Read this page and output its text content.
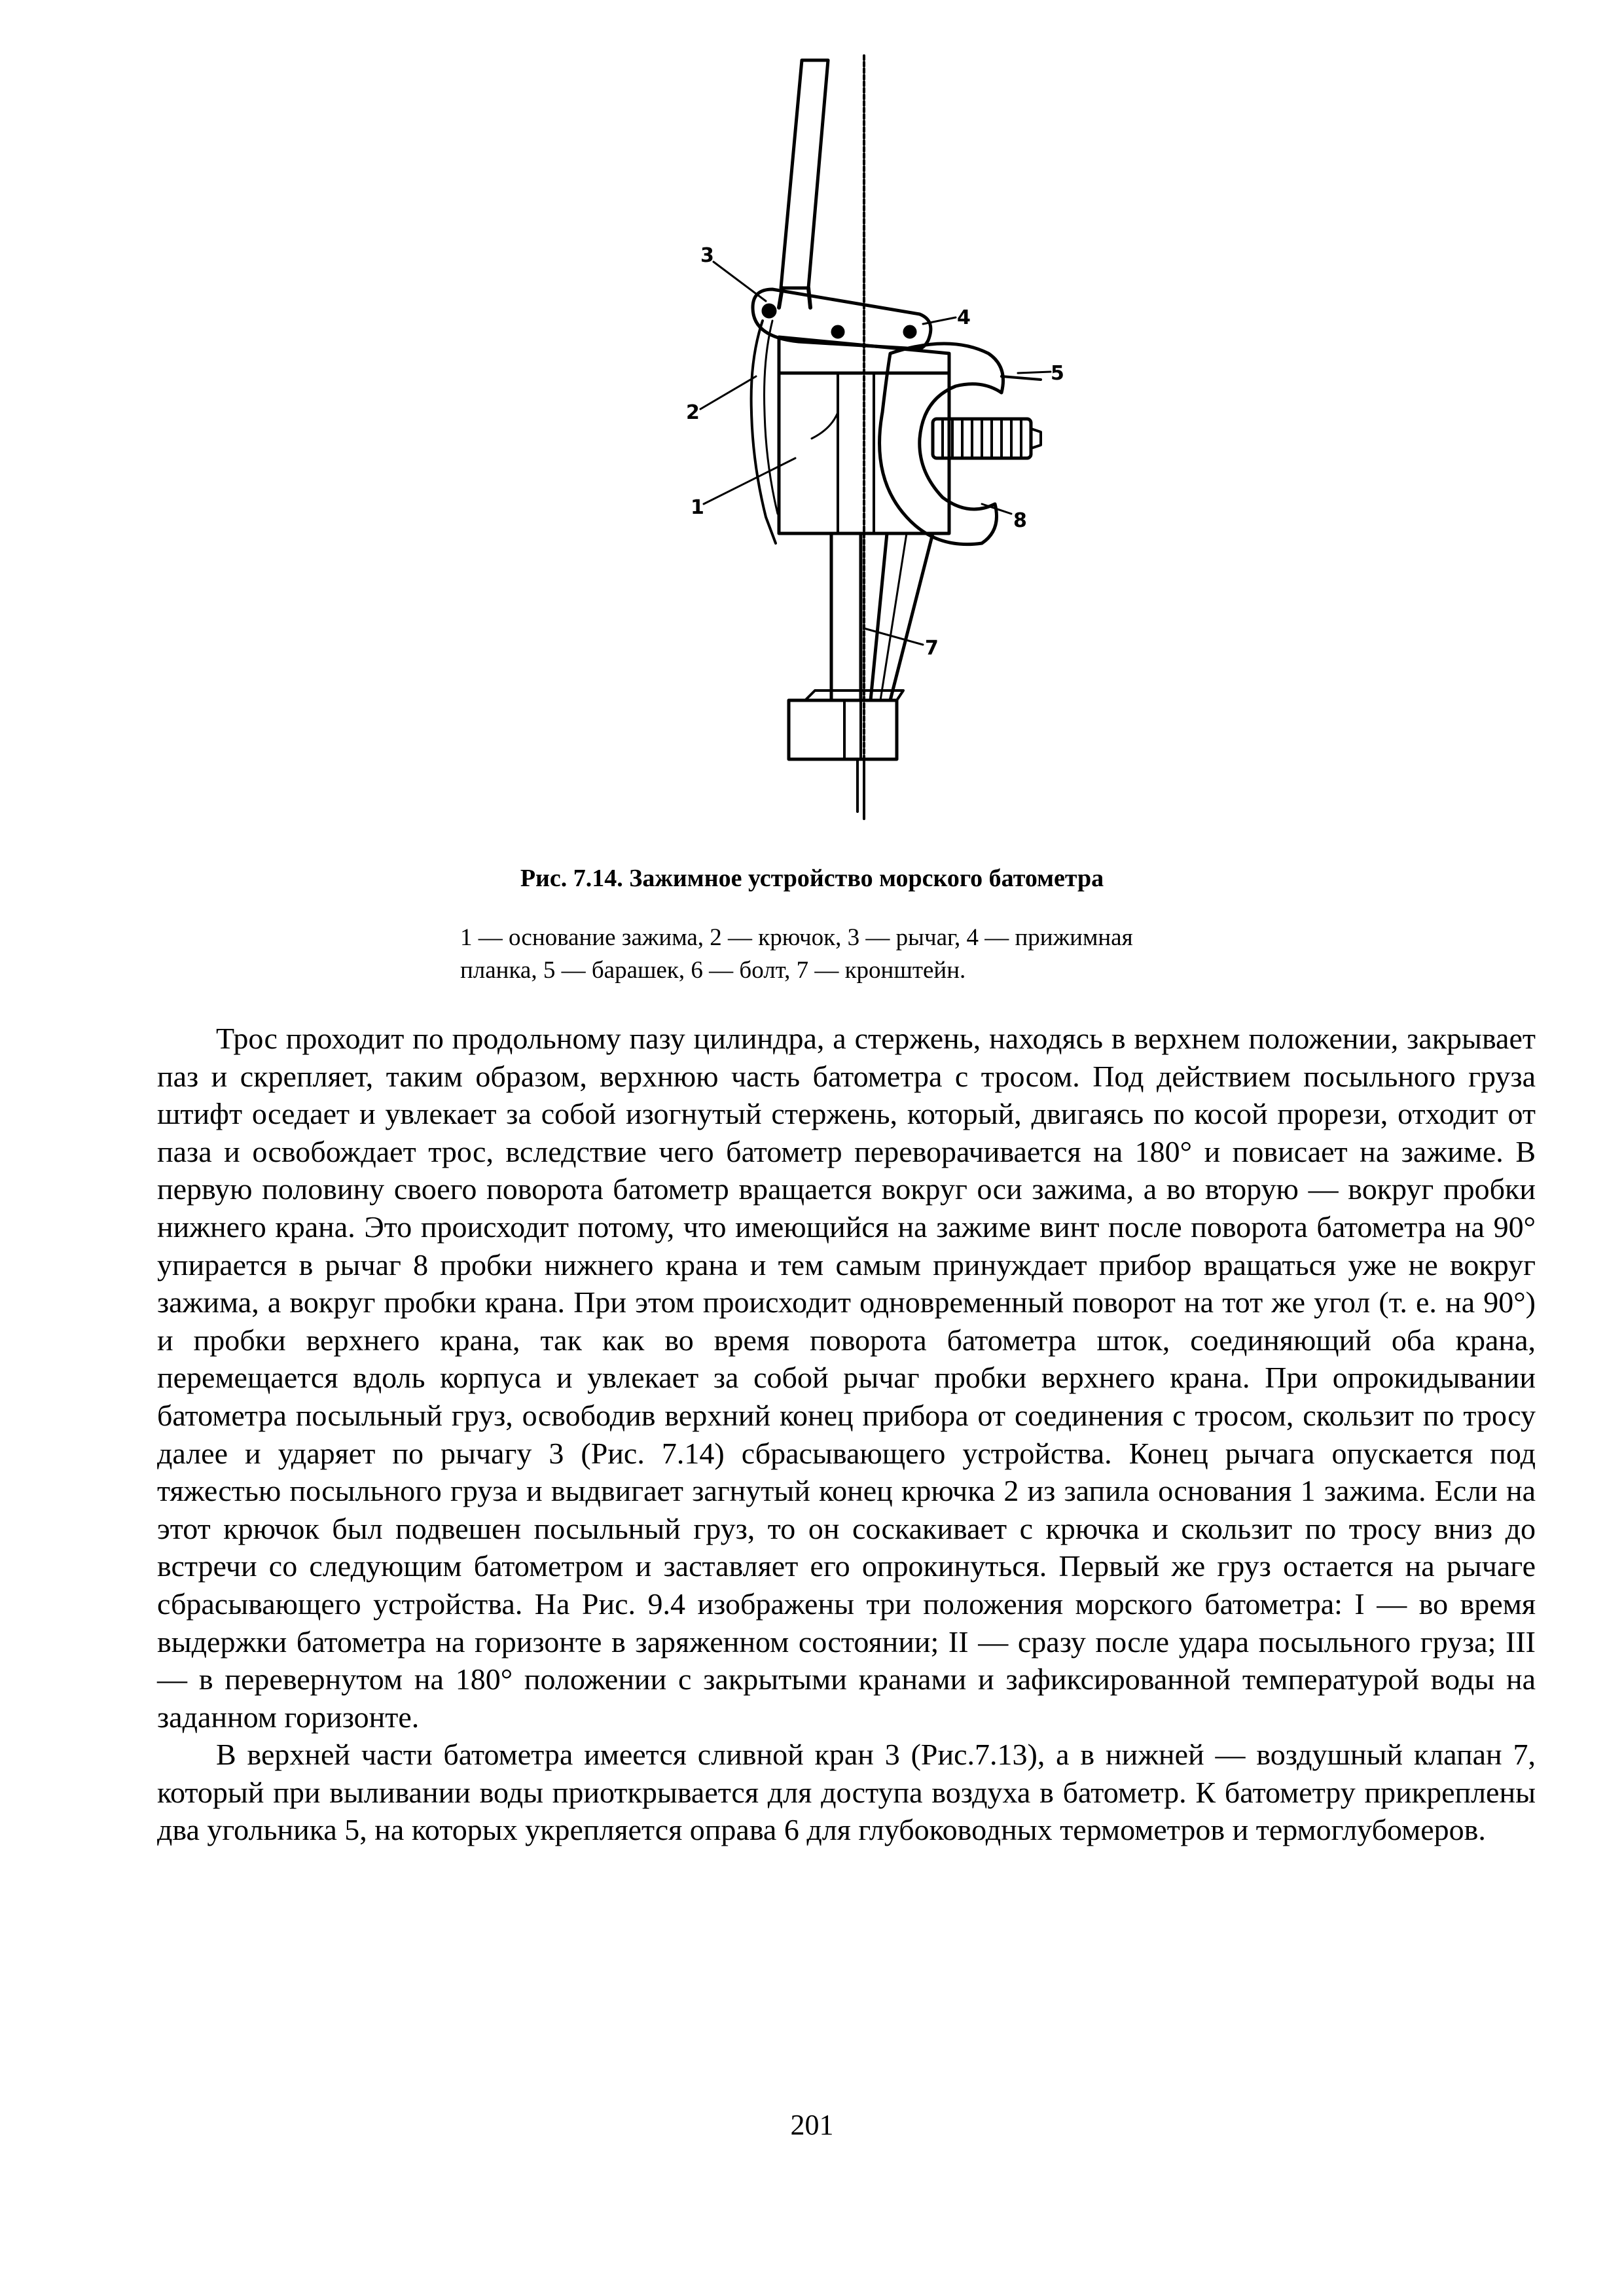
3
4
5
2
1
8
7
Рис. 7.14. Зажимное устройство морского батометра
1 — основание зажима, 2 — крючок, 3 — рычаг, 4 — прижимная
планка, 5 — барашек, 6 — болт, 7 — кронштейн.

Трос проходит по продольному пазу цилиндра, а стержень, находясь в верхнем положении, закрывает паз и скрепляет, таким образом, верхнюю часть батометра с тросом. Под действием посыльного груза штифт оседает и увлекает за собой изогнутый стержень, который, двигаясь по косой прорези, отходит от паза и освобождает трос, вследствие чего батометр переворачивается на 180° и повисает на зажиме. В первую половину своего поворота батометр вращается вокруг оси зажима, а во вторую — вокруг пробки нижнего крана. Это происходит потому, что имеющийся на зажиме винт после поворота батометра на 90° упирается в рычаг 8 пробки нижнего крана и тем самым принуждает прибор вращаться уже не вокруг зажима, а вокруг пробки крана. При этом происходит одновременный поворот на тот же угол (т. е. на 90°) и пробки верхнего крана, так как во время поворота батометра шток, соединяющий оба крана, перемещается вдоль корпуса и увлекает за собой рычаг пробки верхнего крана. При опрокидывании батометра посыльный груз, освободив верхний конец прибора от соединения с тросом, скользит по тросу далее и ударяет по рычагу 3 (Рис. 7.14) сбрасывающего устройства. Конец рычага опускается под тяжестью посыльного груза и выдвигает загнутый конец крючка 2 из запила основания 1 зажима. Если на этот крючок был подвешен посыльный груз, то он соскакивает с крючка и скользит по тросу вниз до встречи со следующим батометром и заставляет его опрокинуться. Первый же груз остается на рычаге сбрасывающего устройства. На Рис. 9.4 изображены три положения морского батометра: I — во время выдержки батометра на горизонте в заряженном состоянии; II — сразу после удара посыльного груза; III — в перевернутом на 180° положении с закрытыми кранами и зафиксированной температурой воды на заданном горизонте.

В верхней части батометра имеется сливной кран 3 (Рис.7.13), а в нижней — воздушный клапан 7, который при выливании воды приоткрывается для доступа воздуха в батометр. К батометру прикреплены два угольника 5, на которых укрепляется оправа 6 для глубоководных термометров и термоглубомеров.

201
